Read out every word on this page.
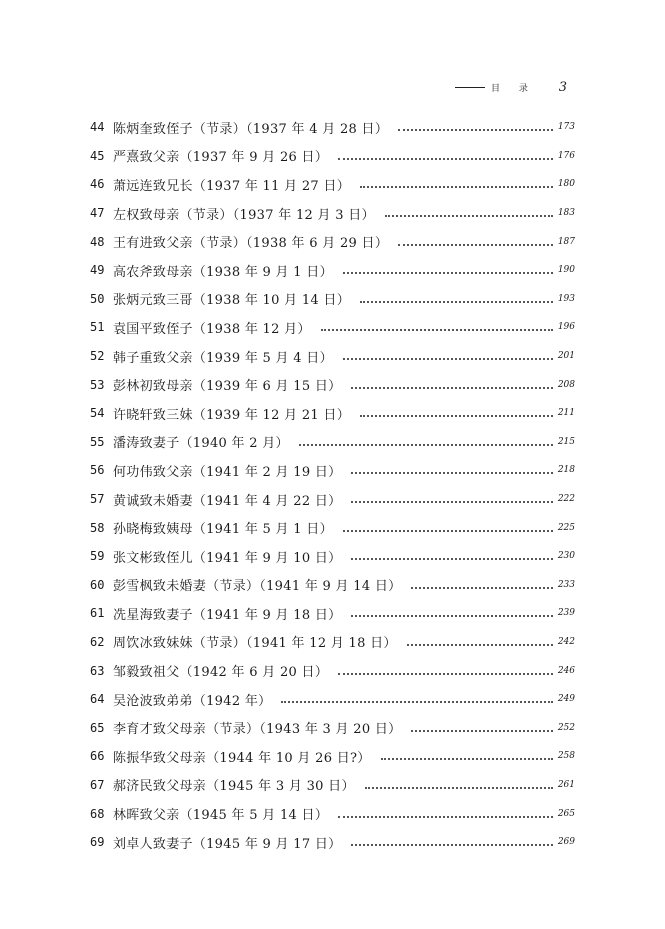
目 录 3
44 陈炳奎致侄子（节录）（1937 年 4 月 28 日）	173
45 严熹致父亲（1937 年 9 月 26 日）	176
46 萧远连致兄长（1937 年 11 月 27 日）	180
47 左权致母亲（节录）（1937 年 12 月 3 日）	183
48 王有进致父亲（节录）（1938 年 6 月 29 日）	187
49 高农斧致母亲（1938 年 9 月 1 日）	190
50 张炳元致三哥（1938 年 10 月 14 日）	193
51 袁国平致侄子（1938 年 12 月）	196
52 韩子重致父亲（1939 年 5 月 4 日）	201
53 彭林初致母亲（1939 年 6 月 15 日）	208
54 许晓轩致三妹（1939 年 12 月 21 日）	211
55 潘涛致妻子（1940 年 2 月）	215
56 何功伟致父亲（1941 年 2 月 19 日）	218
57 黄诚致未婚妻（1941 年 4 月 22 日）	222
58 孙晓梅致姨母（1941 年 5 月 1 日）	225
59 张文彬致侄儿（1941 年 9 月 10 日）	230
60 彭雪枫致未婚妻（节录）（1941 年 9 月 14 日）	233
61 冼星海致妻子（1941 年 9 月 18 日）	239
62 周饮冰致妹妹（节录）（1941 年 12 月 18 日）	242
63 邹毅致祖父（1942 年 6 月 20 日）	246
64 吴沧波致弟弟（1942 年）	249
65 李育才致父母亲（节录）（1943 年 3 月 20 日）	252
66 陈振华致父母亲（1944 年 10 月 26 日?）	258
67 郝济民致父母亲（1945 年 3 月 30 日）	261
68 林晖致父亲（1945 年 5 月 14 日）	265
69 刘卓人致妻子（1945 年 9 月 17 日）	269
